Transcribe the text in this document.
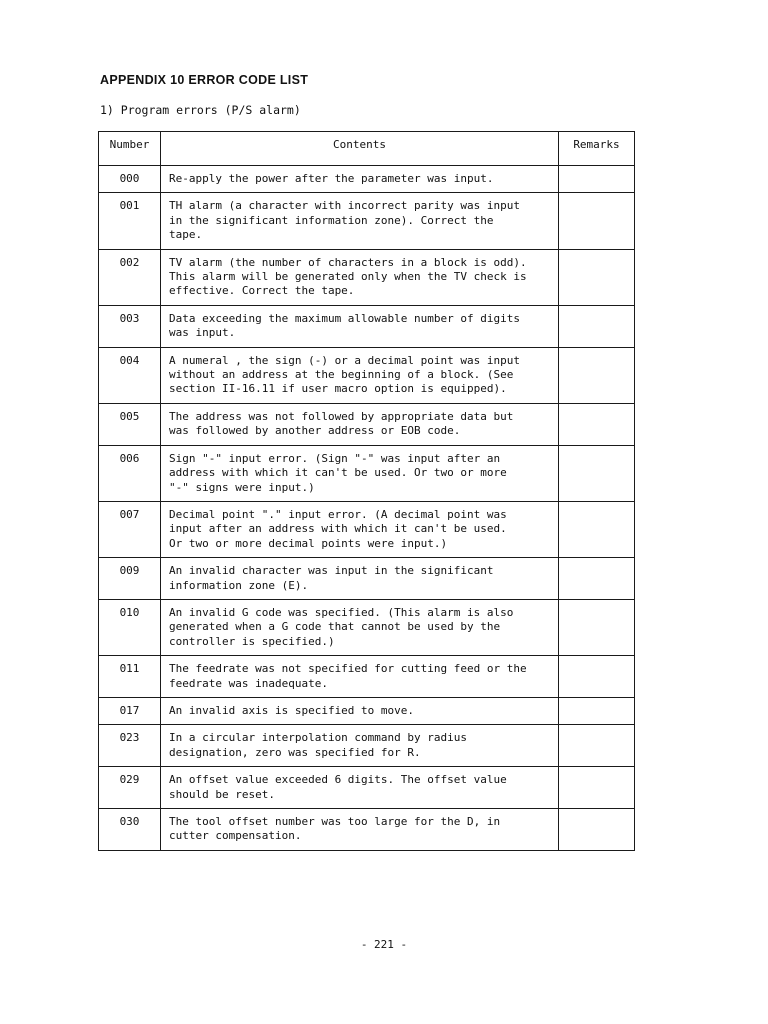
APPENDIX 10 ERROR CODE LIST

1) Program errors (P/S alarm)

Number	Contents	Remarks
000	Re-apply the power after the parameter was input.	
001	TH alarm (a character with incorrect parity was input
in the significant information zone). Correct the
tape.	
002	TV alarm (the number of characters in a block is odd).
This alarm will be generated only when the TV check is
effective. Correct the tape.	
003	Data exceeding the maximum allowable number of digits
was input.	
004	A numeral , the sign (-) or a decimal point was input
without an address at the beginning of a block. (See
section II-16.11 if user macro option is equipped).	
005	The address was not followed by appropriate data but
was followed by another address or EOB code.	
006	Sign "-" input error. (Sign "-" was input after an
address with which it can't be used. Or two or more
"-" signs were input.)	
007	Decimal point "." input error. (A decimal point was
input after an address with which it can't be used.
Or two or more decimal points were input.)	
009	An invalid character was input in the significant
information zone (E).	
010	An invalid G code was specified. (This alarm is also
generated when a G code that cannot be used by the
controller is specified.)	
011	The feedrate was not specified for cutting feed or the
feedrate was inadequate.	
017	An invalid axis is specified to move.	
023	In a circular interpolation command by radius
designation, zero was specified for R.	
029	An offset value exceeded 6 digits. The offset value
should be reset.	
030	The tool offset number was too large for the D, in
cutter compensation.	
- 221 -
